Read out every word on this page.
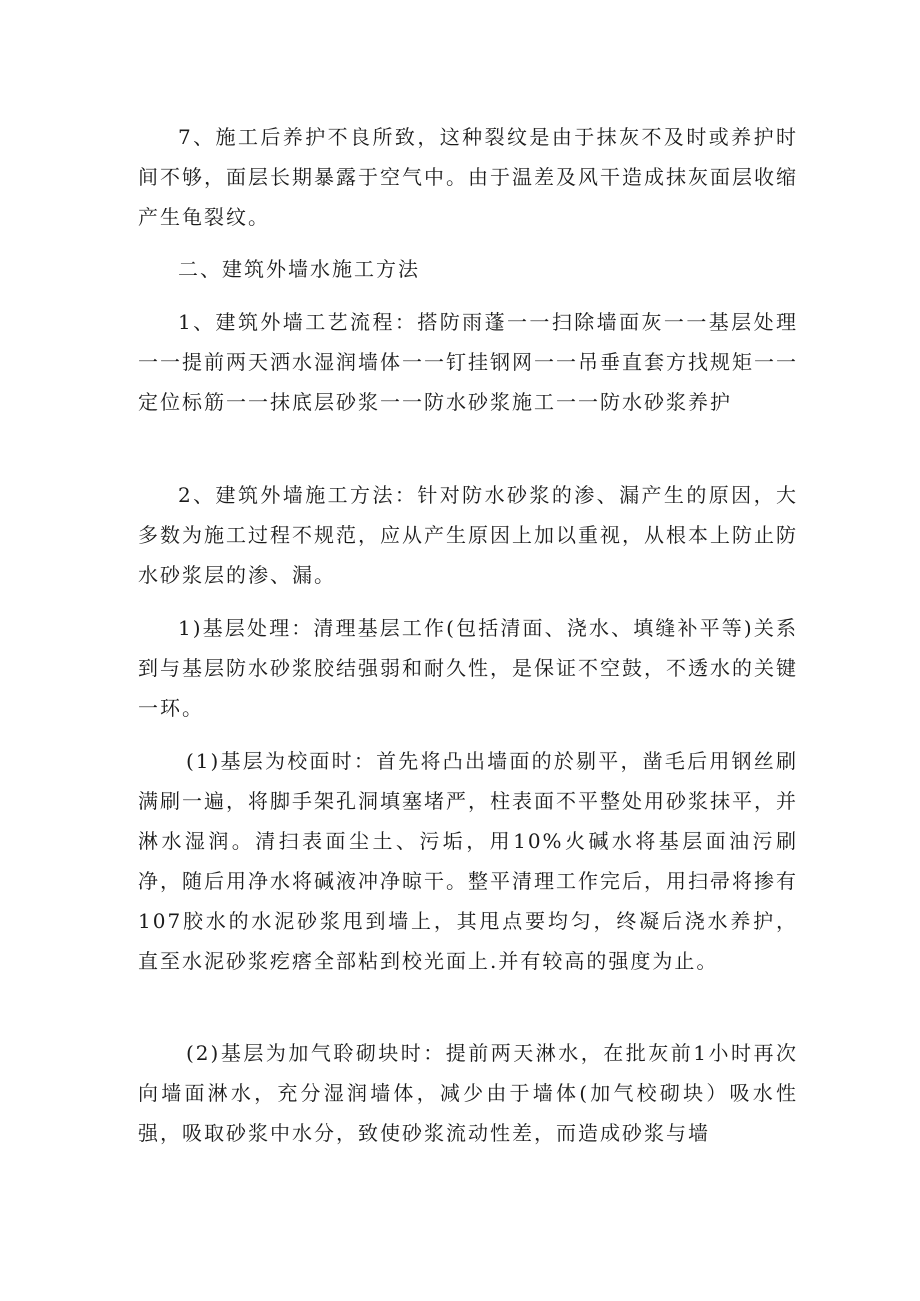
7、施工后养护不良所致，这种裂纹是由于抹灰不及时或养护时间不够，面层长期暴露于空气中。由于温差及风干造成抹灰面层收缩产生龟裂纹。

二、建筑外墙水施工方法

1、建筑外墙工艺流程：搭防雨蓬一一扫除墙面灰一一基层处理一一提前两天洒水湿润墙体一一钉挂钢网一一吊垂直套方找规矩一一定位标筋一一抹底层砂浆一一防水砂浆施工一一防水砂浆养护

2、建筑外墙施工方法：针对防水砂浆的渗、漏产生的原因，大多数为施工过程不规范，应从产生原因上加以重视，从根本上防止防水砂浆层的渗、漏。

1)基层处理：清理基层工作(包括清面、浇水、填缝补平等)关系到与基层防水砂浆胶结强弱和耐久性，是保证不空鼓，不透水的关键一环。

(1)基层为校面时：首先将凸出墙面的於剔平，凿毛后用钢丝刷满刷一遍，将脚手架孔洞填塞堵严，柱表面不平整处用砂浆抹平，并淋水湿润。清扫表面尘土、污垢，用10%火碱水将基层面油污刷净，随后用净水将碱液冲净晾干。整平清理工作完后，用扫帚将掺有107胶水的水泥砂浆甩到墙上，其甩点要均匀，终凝后浇水养护，直至水泥砂浆疙瘩全部粘到校光面上.并有较高的强度为止。

(2)基层为加气聆砌块时：提前两天淋水，在批灰前1小时再次向墙面淋水，充分湿润墙体，减少由于墙体(加气校砌块）吸水性强，吸取砂浆中水分，致使砂浆流动性差，而造成砂浆与墙
